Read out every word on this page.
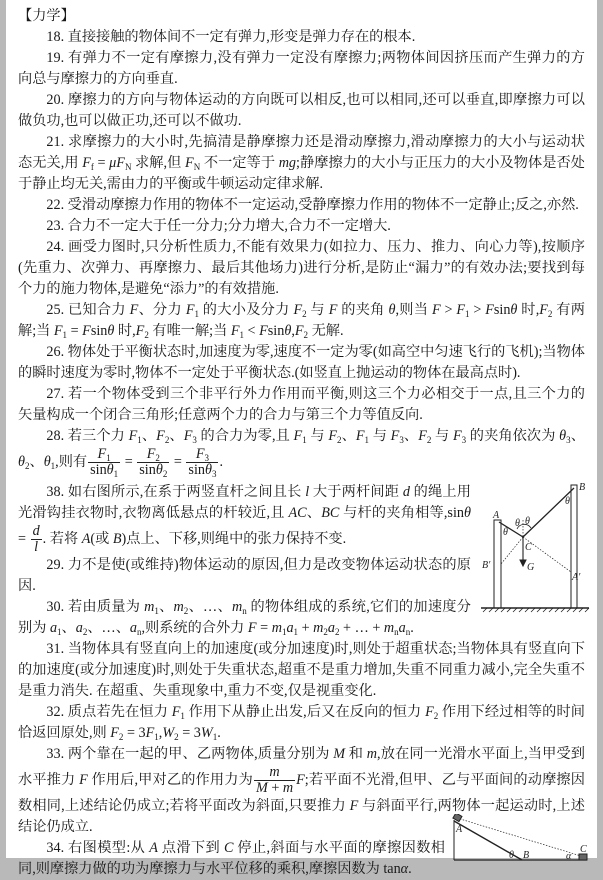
【力学】

18. 直接接触的物体间不一定有弹力,形变是弹力存在的根本.

19. 有弹力不一定有摩擦力,没有弹力一定没有摩擦力;两物体间因挤压而产生弹力的方向总与摩擦力的方向垂直.

20. 摩擦力的方向与物体运动的方向既可以相反,也可以相同,还可以垂直,即摩擦力可以做负功,也可以做正功,还可以不做功.

21. 求摩擦力的大小时,先搞清是静摩擦力还是滑动摩擦力,滑动摩擦力的大小与运动状态无关,用 $F_f = \mu F_N$ 求解,但 $F_N$ 不一定等于 mg;静摩擦力的大小与正压力的大小及物体是否处于静止均无关,需由力的平衡或牛顿运动定律求解.

22. 受滑动摩擦力作用的物体不一定运动,受静摩擦力作用的物体不一定静止;反之,亦然.

23. 合力不一定大于任一分力;分力增大,合力不一定增大.

24. 画受力图时,只分析性质力,不能有效果力(如拉力、压力、推力、向心力等),按顺序(先重力、次弹力、再摩擦力、最后其他场力)进行分析,是防止“漏力”的有效办法;要找到每个力的施力物体,是避免“添力”的有效措施.

25. 已知合力 F、分力 $F_1$ 的大小及分力 $F_2$ 与 F 的夹角 θ,则当 $F > F_1 > Fsin\theta$ 时$,F_2$ 有两解;当 $F_1 = Fsin\theta$ 时$,F_2$ 有唯一解;当 $F_1 < Fsin\theta,F_2$ 无解.

26. 物体处于平衡状态时,加速度为零,速度不一定为零(如高空中匀速飞行的飞机);当物体的瞬时速度为零时,物体不一定处于平衡状态.(如竖直上抛运动的物体在最高点时).

27. 若一个物体受到三个非平行外力作用而平衡,则这三个力必相交于一点,且三个力的矢量构成一个闭合三角形;任意两个力的合力与第三个力等值反向.

28. 若三个力 $F_1$、$F_2$、$F_3$ 的合力为零,且 $F_1$ 与 $F_2$、$F_1$ 与 $F_3$、$F_2$ 与 $F_3$ 的夹角依次为 $\theta_3$、$\theta_2$、$\theta_1$,则有 $\frac{F_1}{\sin\theta_1} = \frac{F_2}{\sin\theta_2} = \frac{F_3}{\sin\theta_3}$ .

A
B
C
G
A′
B′
θ
θ θ
θ
38. 如右图所示,在系于两竖直杆之间且长 l 大于两杆间距 d 的绳上用光滑钩挂衣物时,衣物离低悬点的杆较近,且 AC、BC 与杆的夹角相等$,\sin\theta = \frac{d}{l}$ . 若将 A(或 B)点上、下移,则绳中的张力保持不变.

29. 力不是使(或维持)物体运动的原因,但力是改变物体运动状态的原因.

30. 若由质量为 $m_1$、$m_2$、…、$m_n$ 的物体组成的系统,它们的加速度分别为 $a_1$、$a_2$、…、$a_n$,则系统的合外力 $F = m_1a_1 + m_2a_2$ + … + $m_na_n$.

31. 当物体具有竖直向上的加速度(或分加速度)时,则处于超重状态;当物体具有竖直向下的加速度(或分加速度)时,则处于失重状态,超重不是重力增加,失重不同重力减小,完全失重不是重力消失. 在超重、失重现象中,重力不变,仅是视重变化.

32. 质点若先在恒力 $F_1$ 作用下从静止出发,后又在反向的恒力 $F_2$ 作用下经过相等的时间恰返回原处,则 $F_2 = 3F_1,W_2 = 3W_1$.

33. 两个靠在一起的甲、乙两物体,质量分别为 M 和 m,放在同一光滑水平面上,当甲受到水平推力 F 作用后,甲对乙的作用力为 $\frac{m}{M + m} F$;若平面不光滑,但甲、乙与平面间的动摩擦因数相同,上述结论仍成立;若将平面改为斜面,只要推力 F 与斜面平行,两物体一起运动时,上述结论仍成立.	A
B
C
θ	α
34. 右图模型:从 A 点滑下到 C 停止,斜面与水平面的摩擦因数相同,则摩擦力做的功为摩擦力与水平位移的乘积,摩擦因数为 tanα.
